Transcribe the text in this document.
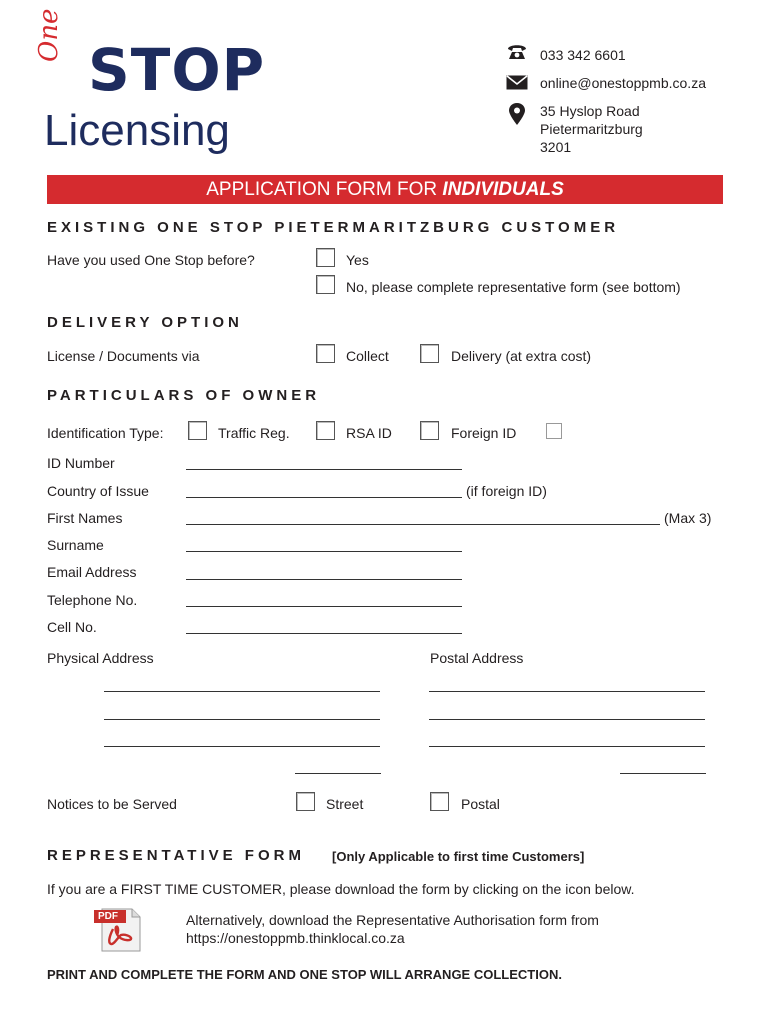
One
STOP
Licensing
033 342 6601
online@onestoppmb.co.za
35 Hyslop Road
Pietermaritzburg
3201
APPLICATION FORM FOR INDIVIDUALS
EXISTING ONE STOP PIETERMARITZBURG CUSTOMER
Have you used One Stop before?	Yes
No, please complete representative form (see bottom)
DELIVERY OPTION
License / Documents via	Collect	Delivery (at extra cost)
PARTICULARS OF OWNER
Identification Type:	Traffic Reg.	RSA ID	Foreign ID
ID Number
Country of Issue	(if foreign ID)
First Names	(Max 3)
Surname
Email Address
Telephone No.
Cell No.
Physical Address	Postal Address
Notices to be Served	Street	Postal
REPRESENTATIVE FORM [Only Applicable to first time Customers]
If you are a FIRST TIME CUSTOMER, please download the form by clicking on the icon below.
PDF	Alternatively, download the Representative Authorisation form from
https://onestoppmb.thinklocal.co.za
PRINT AND COMPLETE THE FORM AND ONE STOP WILL ARRANGE COLLECTION.
